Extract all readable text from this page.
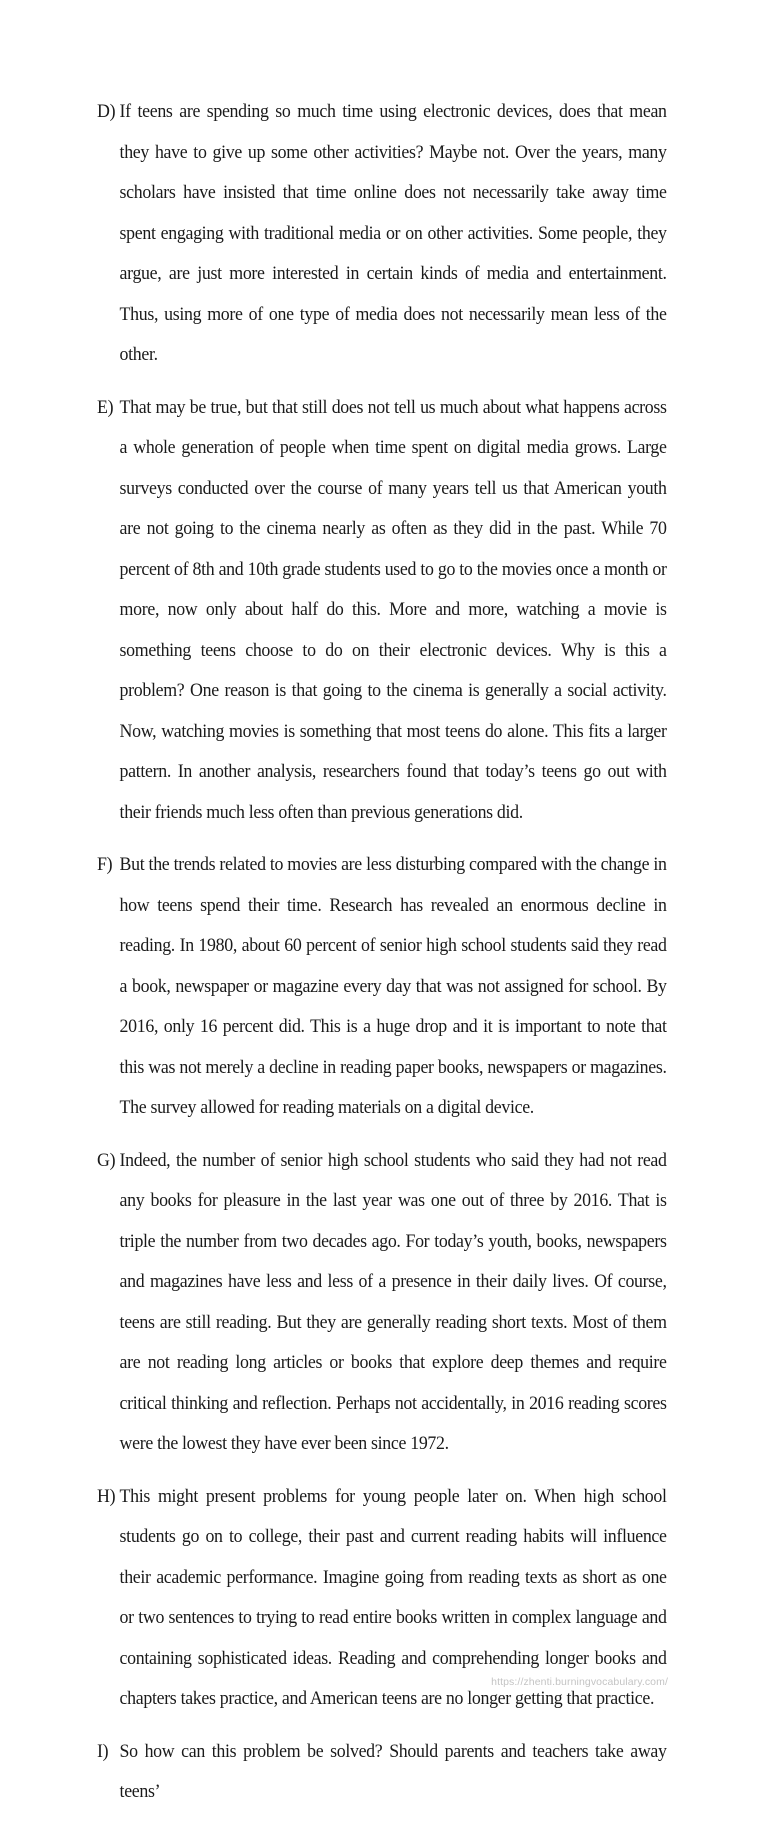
D) If teens are spending so much time using electronic devices, does that mean they have to give up some other activities? Maybe not. Over the years, many scholars have insisted that time online does not necessarily take away time spent engaging with traditional media or on other activities. Some people, they argue, are just more interested in certain kinds of media and entertainment. Thus, using more of one type of media does not necessarily mean less of the other.

E) That may be true, but that still does not tell us much about what happens across a whole generation of people when time spent on digital media grows. Large surveys conducted over the course of many years tell us that American youth are not going to the cinema nearly as often as they did in the past. While 70 percent of 8th and 10th grade students used to go to the movies once a month or more, now only about half do this. More and more, watching a movie is something teens choose to do on their electronic devices. Why is this a problem? One reason is that going to the cinema is generally a social activity. Now, watching movies is something that most teens do alone. This fits a larger pattern. In another analysis, researchers found that today’s teens go out with their friends much less often than previous generations did.

F) But the trends related to movies are less disturbing compared with the change in how teens spend their time. Research has revealed an enormous decline in reading. In 1980, about 60 percent of senior high school students said they read a book, newspaper or magazine every day that was not assigned for school. By 2016, only 16 percent did. This is a huge drop and it is important to note that this was not merely a decline in reading paper books, newspapers or magazines. The survey allowed for reading materials on a digital device.

G) Indeed, the number of senior high school students who said they had not read any books for pleasure in the last year was one out of three by 2016. That is triple the number from two decades ago. For today’s youth, books, newspapers and magazines have less and less of a presence in their daily lives. Of course, teens are still reading. But they are generally reading short texts. Most of them are not reading long articles or books that explore deep themes and require critical thinking and reflection. Perhaps not accidentally, in 2016 reading scores were the lowest they have ever been since 1972.

H) This might present problems for young people later on. When high school students go on to college, their past and current reading habits will influence their academic performance. Imagine going from reading texts as short as one or two sentences to trying to read entire books written in complex language and containing sophisticated ideas. Reading and comprehending longer books and chapters takes practice, and American teens are no longer getting that practice.

I) So how can this problem be solved? Should parents and teachers take away teens’

https://zhenti.burningvocabulary.com/
